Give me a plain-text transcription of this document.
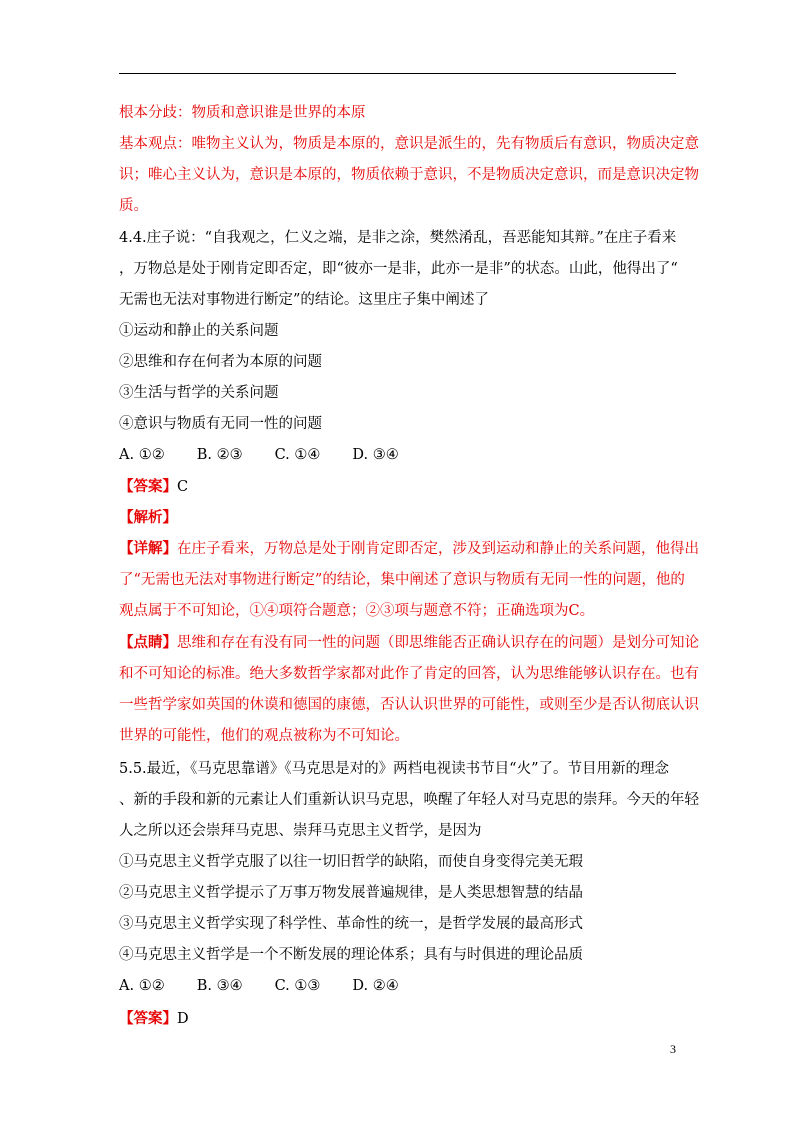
根本分歧：物质和意识谁是世界的本原
基本观点：唯物主义认为，物质是本原的，意识是派生的，先有物质后有意识，物质决定意
识；唯心主义认为，意识是本原的，物质依赖于意识，不是物质决定意识，而是意识决定物
质。
4.4.庄子说：“自我观之，仁义之端，是非之涂，樊然淆乱，吾恶能知其辩。”在庄子看来
，万物总是处于刚肯定即否定，即“彼亦一是非，此亦一是非”的状态。山此，他得出了“
无需也无法对事物进行断定”的结论。这里庄子集中阐述了
①运动和静止的关系问题
②思维和存在何者为本原的问题
③生活与哲学的关系问题
④意识与物质有无同一性的问题
A. ①② B. ②③ C. ①④ D. ③④
【答案】C
【解析】
【详解】在庄子看来，万物总是处于刚肯定即否定，涉及到运动和静止的关系问题，他得出
了“无需也无法对事物进行断定”的结论，集中阐述了意识与物质有无同一性的问题，他的
观点属于不可知论，①④项符合题意；②③项与题意不符；正确选项为C。
【点睛】思维和存在有没有同一性的问题（即思维能否正确认识存在的问题）是划分可知论
和不可知论的标准。绝大多数哲学家都对此作了肯定的回答，认为思维能够认识存在。也有
一些哲学家如英国的休谟和德国的康德，否认认识世界的可能性，或则至少是否认彻底认识
世界的可能性，他们的观点被称为不可知论。
5.5.最近，《马克思靠谱》《马克思是对的》两档电视读书节目“火”了。节目用新的理念
、新的手段和新的元素让人们重新认识马克思，唤醒了年轻人对马克思的崇拜。今天的年轻
人之所以还会崇拜马克思、崇拜马克思主义哲学，是因为
①马克思主义哲学克服了以往一切旧哲学的缺陷，而使自身变得完美无瑕
②马克思主义哲学提示了万事万物发展普遍规律，是人类思想智慧的结晶
③马克思主义哲学实现了科学性、革命性的统一，是哲学发展的最高形式
④马克思主义哲学是一个不断发展的理论体系；具有与时俱进的理论品质
A. ①② B. ③④ C. ①③ D. ②④
【答案】D
3
